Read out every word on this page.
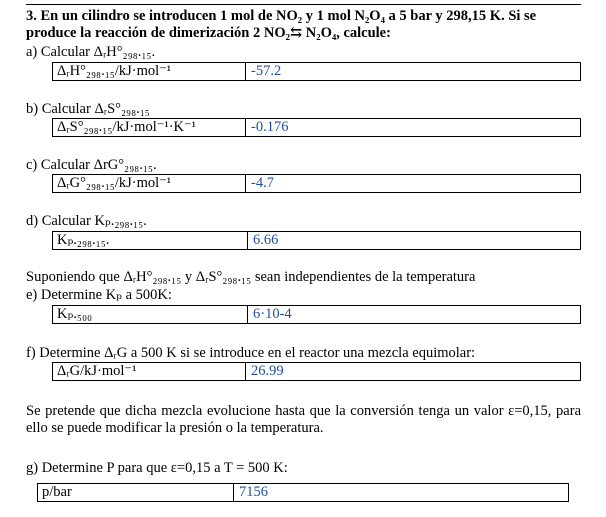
3. En un cilindro se introducen 1 mol de NO₂ y 1 mol N₂O₄ a 5 bar y 298,15 K. Si se
produce la reacción de dimerización 2 NO₂⇆ N₂O₄, calcule:
a) Calcular ΔᵣH°₂₉₈.₁₅.
ΔᵣH°₂₉₈.₁₅/kJ·mol⁻¹	-57.2
b) Calcular ΔᵣS°₂₉₈.₁₅
ΔᵣS°₂₉₈.₁₅/kJ·mol⁻¹·K⁻¹	-0.176
c) Calcular ΔrG°₂₉₈.₁₅.
ΔᵣG°₂₉₈.₁₅/kJ·mol⁻¹	-4.7
d) Calcular Kₚ.₂₉₈.₁₅.
Kₚ.₂₉₈.₁₅.	6.66
Suponiendo que ΔᵣH°₂₉₈.₁₅ y ΔᵣS°₂₉₈.₁₅ sean independientes de la temperatura
e) Determine Kₚ a 500K:
Kₚ.₅₀₀	6·10-4
f) Determine ΔᵣG a 500 K si se introduce en el reactor una mezcla equimolar:
ΔᵣG/kJ·mol⁻¹	26.99
Se pretende que dicha mezcla evolucione hasta que la conversión tenga un valor ε=0,15, para ello se puede modificar la presión o la temperatura.
g) Determine P para que ε=0,15 a T = 500 K:
p/bar	7156
